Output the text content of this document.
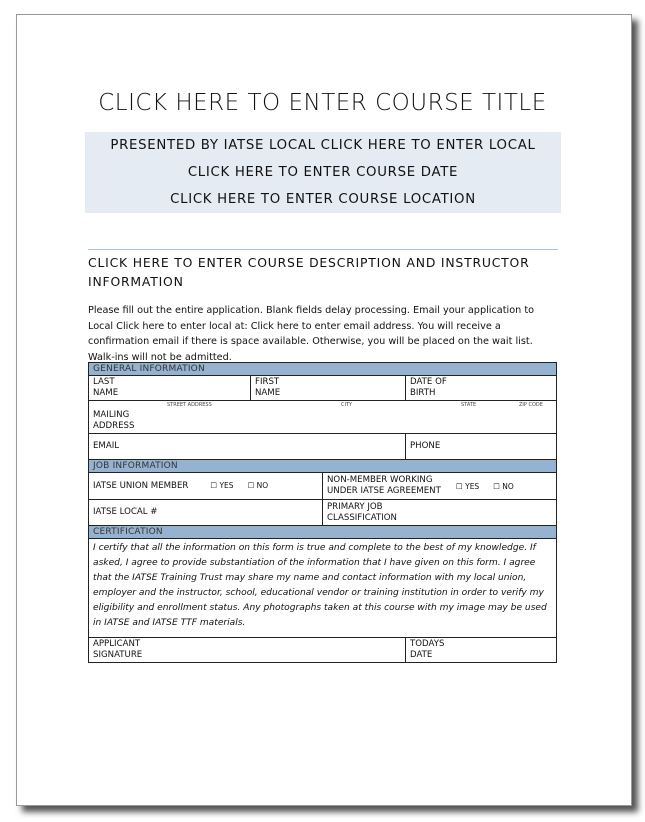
CLICK HERE TO ENTER COURSE TITLE
PRESENTED BY IATSE LOCAL CLICK HERE TO ENTER LOCAL
CLICK HERE TO ENTER COURSE DATE
CLICK HERE TO ENTER COURSE LOCATION
CLICK HERE TO ENTER COURSE DESCRIPTION AND INSTRUCTOR INFORMATION
Please fill out the entire application. Blank fields delay processing. Email your application to Local Click here to enter local at: Click here to enter email address. You will receive a confirmation email if there is space available. Otherwise, you will be placed on the wait list. Walk-ins will not be admitted.
GENERAL INFORMATION			
LAST NAME	FIRST NAME		DATE OF BIRTH

STREET ADDRESS CITY STATE ZIP CODE
MAILING ADDRESS			
EMAIL			PHONE
JOB INFORMATION			
IATSE UNION MEMBER ☐ YES ☐ NO		NON-MEMBER WORKING UNDER IATSE AGREEMENT ☐ YES ☐ NO	
IATSE LOCAL #		PRIMARY JOB CLASSIFICATION	
CERTIFICATION			
I certify that all the information on this form is true and complete to the best of my knowledge. If asked, I agree to provide substantiation of the information that I have given on this form. I agree that the IATSE Training Trust may share my name and contact information with my local union, employer and the instructor, school, educational vendor or training institution in order to verify my eligibility and enrollment status. Any photographs taken at this course with my image may be used in IATSE and IATSE TTF materials.			
APPLICANT SIGNATURE			TODAYS DATE
